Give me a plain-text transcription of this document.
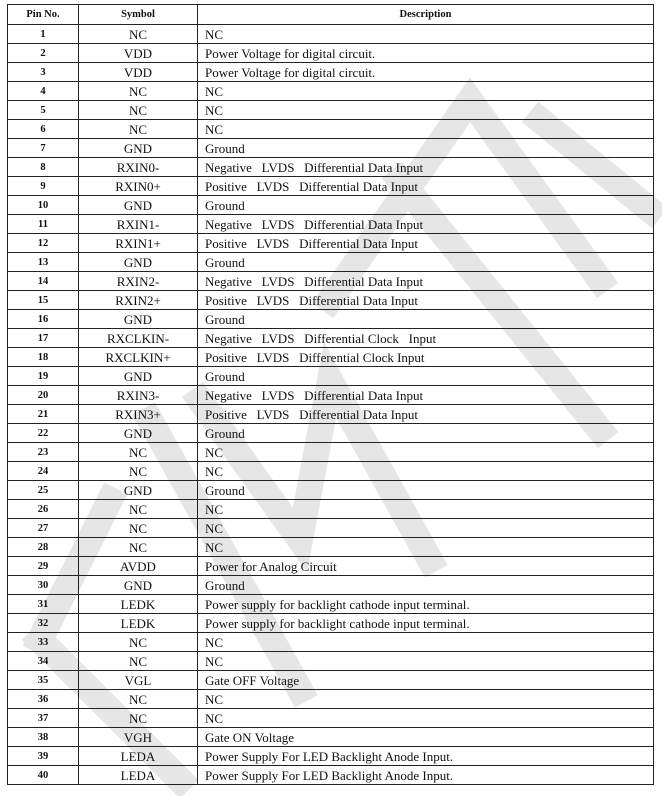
Pin No.	Symbol	Description
1	NC	NC
2	VDD	Power Voltage for digital circuit.
3	VDD	Power Voltage for digital circuit.
4	NC	NC
5	NC	NC
6	NC	NC
7	GND	Ground
8	RXIN0-	Negative   LVDS   Differential Data Input
9	RXIN0+	Positive   LVDS   Differential Data Input
10	GND	Ground
11	RXIN1-	Negative   LVDS   Differential Data Input
12	RXIN1+	Positive   LVDS   Differential Data Input
13	GND	Ground
14	RXIN2-	Negative   LVDS   Differential Data Input
15	RXIN2+	Positive   LVDS   Differential Data Input
16	GND	Ground
17	RXCLKIN-	Negative   LVDS   Differential Clock   Input
18	RXCLKIN+	Positive   LVDS   Differential Clock Input
19	GND	Ground
20	RXIN3-	Negative   LVDS   Differential Data Input
21	RXIN3+	Positive   LVDS   Differential Data Input
22	GND	Ground
23	NC	NC
24	NC	NC
25	GND	Ground
26	NC	NC
27	NC	NC
28	NC	NC
29	AVDD	Power for Analog Circuit
30	GND	Ground
31	LEDK	Power supply for backlight cathode input terminal.
32	LEDK	Power supply for backlight cathode input terminal.
33	NC	NC
34	NC	NC
35	VGL	Gate OFF Voltage
36	NC	NC
37	NC	NC
38	VGH	Gate ON Voltage
39	LEDA	Power Supply For LED Backlight Anode Input.
40	LEDA	Power Supply For LED Backlight Anode Input.
